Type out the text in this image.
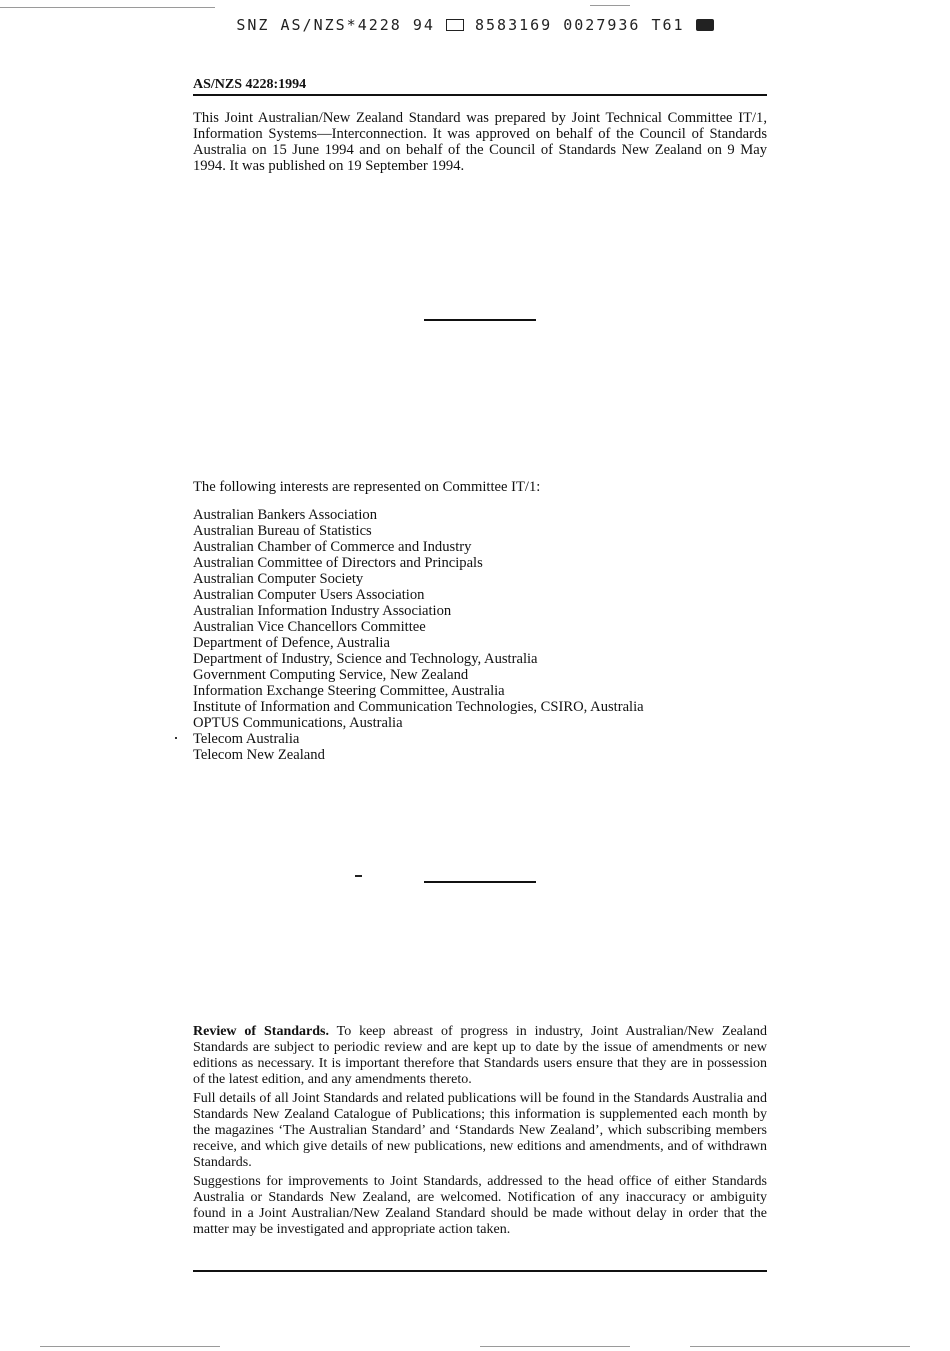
SNZ AS/NZS*4228 94	8583169 0027936 T61
AS/NZS 4228:1994

This Joint Australian/New Zealand Standard was prepared by Joint Technical Committee IT/1, Information Systems—Interconnection. It was approved on behalf of the Council of Standards Australia on 15 June 1994 and on behalf of the Council of Standards New Zealand on 9 May 1994. It was published on 19 September 1994.

The following interests are represented on Committee IT/1:
Australian Bankers Association
Australian Bureau of Statistics
Australian Chamber of Commerce and Industry
Australian Committee of Directors and Principals
Australian Computer Society
Australian Computer Users Association
Australian Information Industry Association
Australian Vice Chancellors Committee
Department of Defence, Australia
Department of Industry, Science and Technology, Australia
Government Computing Service, New Zealand
Information Exchange Steering Committee, Australia
Institute of Information and Communication Technologies, CSIRO, Australia
OPTUS Communications, Australia
Telecom Australia
Telecom New Zealand

Review of Standards. To keep abreast of progress in industry, Joint Australian/New Zealand Standards are subject to periodic review and are kept up to date by the issue of amendments or new editions as necessary. It is important therefore that Standards users ensure that they are in possession of the latest edition, and any amendments thereto.

Full details of all Joint Standards and related publications will be found in the Standards Australia and Standards New Zealand Catalogue of Publications; this information is supplemented each month by the magazines ‘The Australian Standard’ and ‘Standards New Zealand’, which subscribing members receive, and which give details of new publications, new editions and amendments, and of withdrawn Standards.

Suggestions for improvements to Joint Standards, addressed to the head office of either Standards Australia or Standards New Zealand, are welcomed. Notification of any inaccuracy or ambiguity found in a Joint Australian/New Zealand Standard should be made without delay in order that the matter may be investigated and appropriate action taken.
